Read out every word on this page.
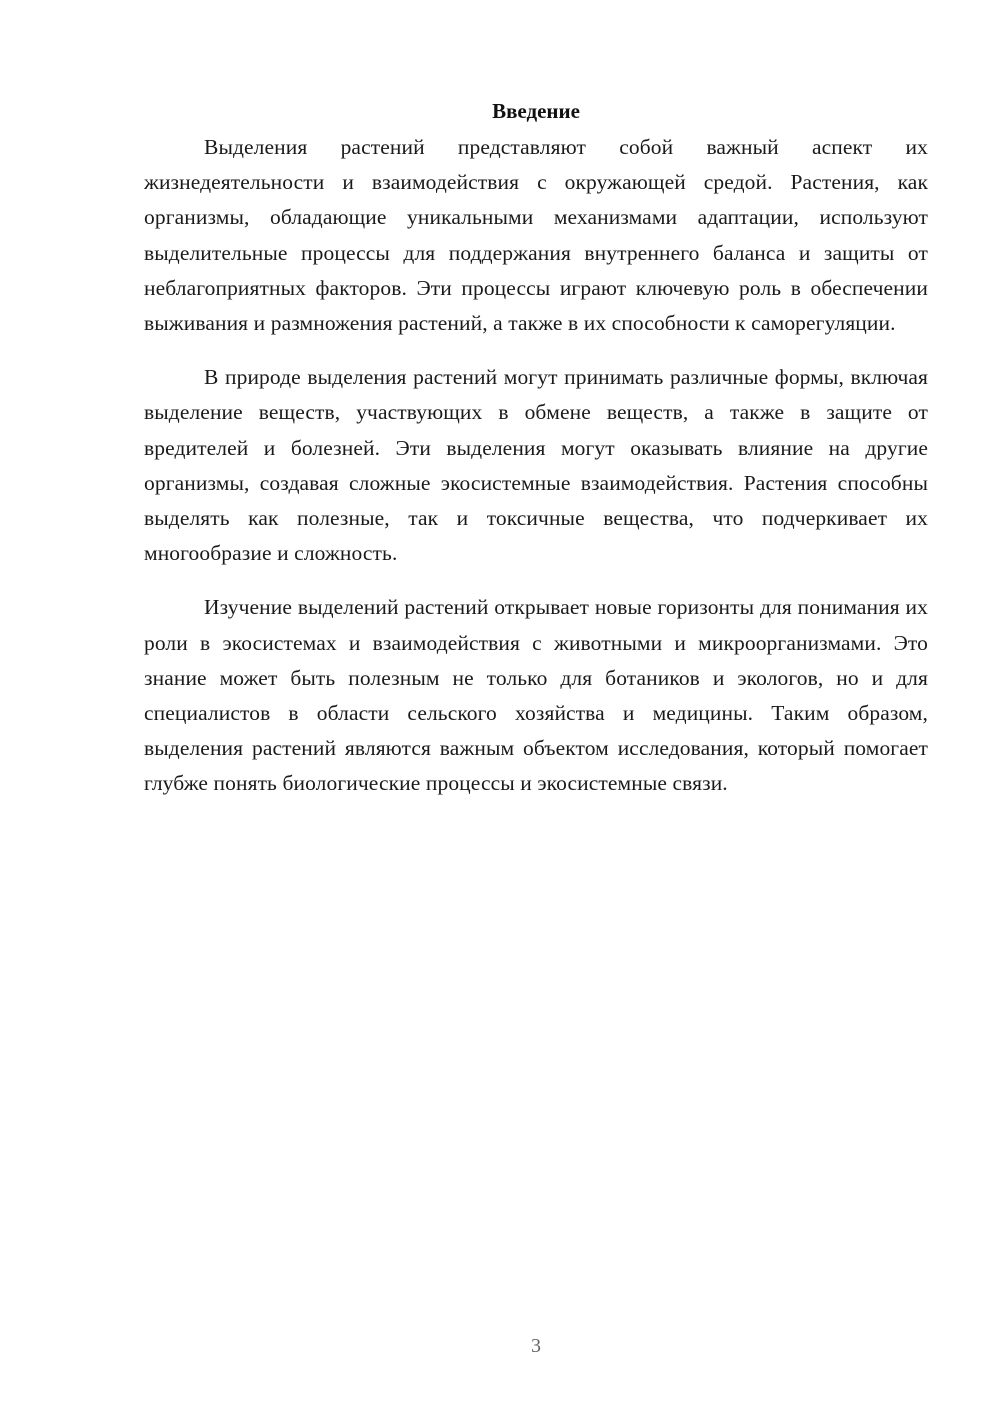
Введение

Выделения растений представляют собой важный аспект их жизнедеятельности и взаимодействия с окружающей средой. Растения, как организмы, обладающие уникальными механизмами адаптации, используют выделительные процессы для поддержания внутреннего баланса и защиты от неблагоприятных факторов. Эти процессы играют ключевую роль в обеспечении выживания и размножения растений, а также в их способности к саморегуляции.

В природе выделения растений могут принимать различные формы, включая выделение веществ, участвующих в обмене веществ, а также в защите от вредителей и болезней. Эти выделения могут оказывать влияние на другие организмы, создавая сложные экосистемные взаимодействия. Растения способны выделять как полезные, так и токсичные вещества, что подчеркивает их многообразие и сложность.

Изучение выделений растений открывает новые горизонты для понимания их роли в экосистемах и взаимодействия с животными и микроорганизмами. Это знание может быть полезным не только для ботаников и экологов, но и для специалистов в области сельского хозяйства и медицины. Таким образом, выделения растений являются важным объектом исследования, который помогает глубже понять биологические процессы и экосистемные связи.

3
